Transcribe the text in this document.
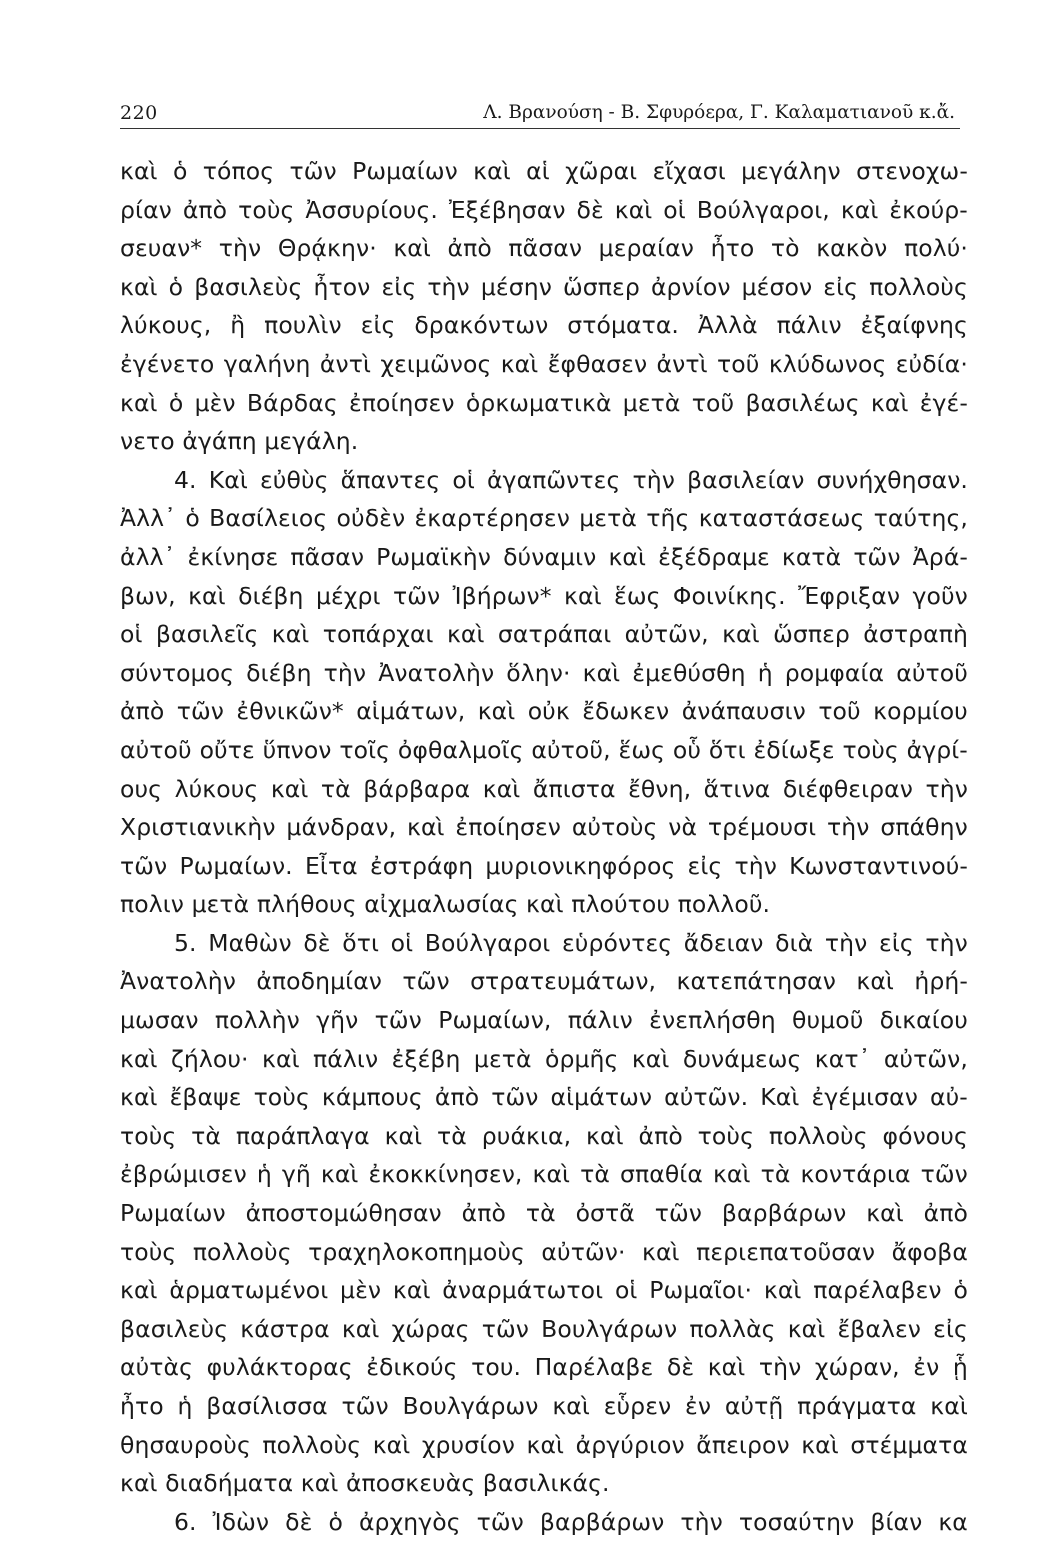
220	Λ. Βρανούση - Β. Σφυρόερα, Γ. Καλαματιανοῦ κ.ἄ.
καὶ ὁ τόπος τῶν Ρωμαίων καὶ αἱ χῶραι εἴχασι μεγάλην στενοχω-
ρίαν ἀπὸ τοὺς Ἀσσυρίους. Ἐξέβησαν δὲ καὶ οἱ Βούλγαροι, καὶ ἐκούρ-
σευαν* τὴν Θρᾴκην· καὶ ἀπὸ πᾶσαν μεραίαν ἦτο τὸ κακὸν πολύ·
καὶ ὁ βασιλεὺς ἦτον εἰς τὴν μέσην ὥσπερ ἀρνίον μέσον εἰς πολλοὺς
λύκους, ἢ πουλὶν εἰς δρακόντων στόματα. Ἀλλὰ πάλιν ἐξαίφνης
ἐγένετο γαλήνη ἀντὶ χειμῶνος καὶ ἔφθασεν ἀντὶ τοῦ κλύδωνος εὐδία·
καὶ ὁ μὲν Βάρδας ἐποίησεν ὁρκωματικὰ μετὰ τοῦ βασιλέως καὶ ἐγέ-
νετο ἀγάπη μεγάλη.
4. Καὶ εὐθὺς ἅπαντες οἱ ἀγαπῶντες τὴν βασιλείαν συνήχθησαν.
Ἀλλ᾽ ὁ Βασίλειος οὐδὲν ἐκαρτέρησεν μετὰ τῆς καταστάσεως ταύτης,
ἀλλ᾽ ἐκίνησε πᾶσαν Ρωμαϊκὴν δύναμιν καὶ ἐξέδραμε κατὰ τῶν Ἀρά-
βων, καὶ διέβη μέχρι τῶν Ἰβήρων* καὶ ἕως Φοινίκης. Ἔφριξαν γοῦν
οἱ βασιλεῖς καὶ τοπάρχαι καὶ σατράπαι αὐτῶν, καὶ ὥσπερ ἀστραπὴ
σύντομος διέβη τὴν Ἀνατολὴν ὅλην· καὶ ἐμεθύσθη ἡ ρομφαία αὐτοῦ
ἀπὸ τῶν ἐθνικῶν* αἱμάτων, καὶ οὐκ ἔδωκεν ἀνάπαυσιν τοῦ κορμίου
αὐτοῦ οὔτε ὕπνον τοῖς ὀφθαλμοῖς αὐτοῦ, ἕως οὗ ὅτι ἐδίωξε τοὺς ἀγρί-
ους λύκους καὶ τὰ βάρβαρα καὶ ἄπιστα ἔθνη, ἅτινα διέφθειραν τὴν
Χριστιανικὴν μάνδραν, καὶ ἐποίησεν αὐτοὺς νὰ τρέμουσι τὴν σπάθην
τῶν Ρωμαίων. Εἶτα ἐστράφη μυριονικηφόρος εἰς τὴν Κωνσταντινού-
πολιν μετὰ πλήθους αἰχμαλωσίας καὶ πλούτου πολλοῦ.
5. Μαθὼν δὲ ὅτι οἱ Βούλγαροι εὑρόντες ἄδειαν διὰ τὴν εἰς τὴν
Ἀνατολὴν ἀποδημίαν τῶν στρατευμάτων, κατεπάτησαν καὶ ἠρή-
μωσαν πολλὴν γῆν τῶν Ρωμαίων, πάλιν ἐνεπλήσθη θυμοῦ δικαίου
καὶ ζήλου· καὶ πάλιν ἐξέβη μετὰ ὁρμῆς καὶ δυνάμεως κατ᾽ αὐτῶν,
καὶ ἔβαψε τοὺς κάμπους ἀπὸ τῶν αἱμάτων αὐτῶν. Καὶ ἐγέμισαν αὐ-
τοὺς τὰ παράπλαγα καὶ τὰ ρυάκια, καὶ ἀπὸ τοὺς πολλοὺς φόνους
ἐβρώμισεν ἡ γῆ καὶ ἐκοκκίνησεν, καὶ τὰ σπαθία καὶ τὰ κοντάρια τῶν
Ρωμαίων ἀποστομώθησαν ἀπὸ τὰ ὀστᾶ τῶν βαρβάρων καὶ ἀπὸ
τοὺς πολλοὺς τραχηλοκοπημοὺς αὐτῶν· καὶ περιεπατοῦσαν ἄφοβα
καὶ ἁρματωμένοι μὲν καὶ ἀναρμάτωτοι οἱ Ρωμαῖοι· καὶ παρέλαβεν ὁ
βασιλεὺς κάστρα καὶ χώρας τῶν Βουλγάρων πολλὰς καὶ ἔβαλεν εἰς
αὐτὰς φυλάκτορας ἐδικούς του. Παρέλαβε δὲ καὶ τὴν χώραν, ἐν ᾗ
ἦτο ἡ βασίλισσα τῶν Βουλγάρων καὶ εὗρεν ἐν αὐτῇ πράγματα καὶ
θησαυροὺς πολλοὺς καὶ χρυσίον καὶ ἀργύριον ἄπειρον καὶ στέμματα
καὶ διαδήματα καὶ ἀποσκευὰς βασιλικάς.
6. Ἰδὼν δὲ ὁ ἀρχηγὸς τῶν βαρβάρων τὴν τοσαύτην βίαν κα
